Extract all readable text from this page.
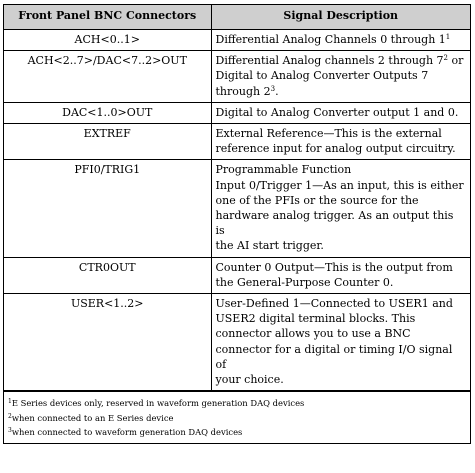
Front Panel BNC Connectors	Signal Description
ACH<0..1>	Differential Analog Channels 0 through $1^1$

ACH<2..7>/DAC<7..2>OUT	Differential Analog channels 2 through $7^2$ or
Digital to Analog Converter Outputs 7
through $2^3$.

DAC<1..0>OUT	Digital to Analog Converter output 1 and 0.

EXTREF	External Reference—This is the external
reference input for analog output circuitry.

PFI0/TRIG1	Programmable Function
Input 0/Trigger 1—As an input, this is either
one of the PFIs or the source for the
hardware analog trigger. As an output this is
the AI start trigger.

CTR0OUT	Counter 0 Output—This is the output from
the General-Purpose Counter 0.

USER<1..2>	User-Defined 1—Connected to USER1 and
USER2 digital terminal blocks. This
connector allows you to use a BNC
connector for a digital or timing I/O signal of
your choice.
$^1$E Series devices only, reserved in waveform generation DAQ devices
$^2$when connected to an E Series device
$^3$when connected to waveform generation DAQ devices
